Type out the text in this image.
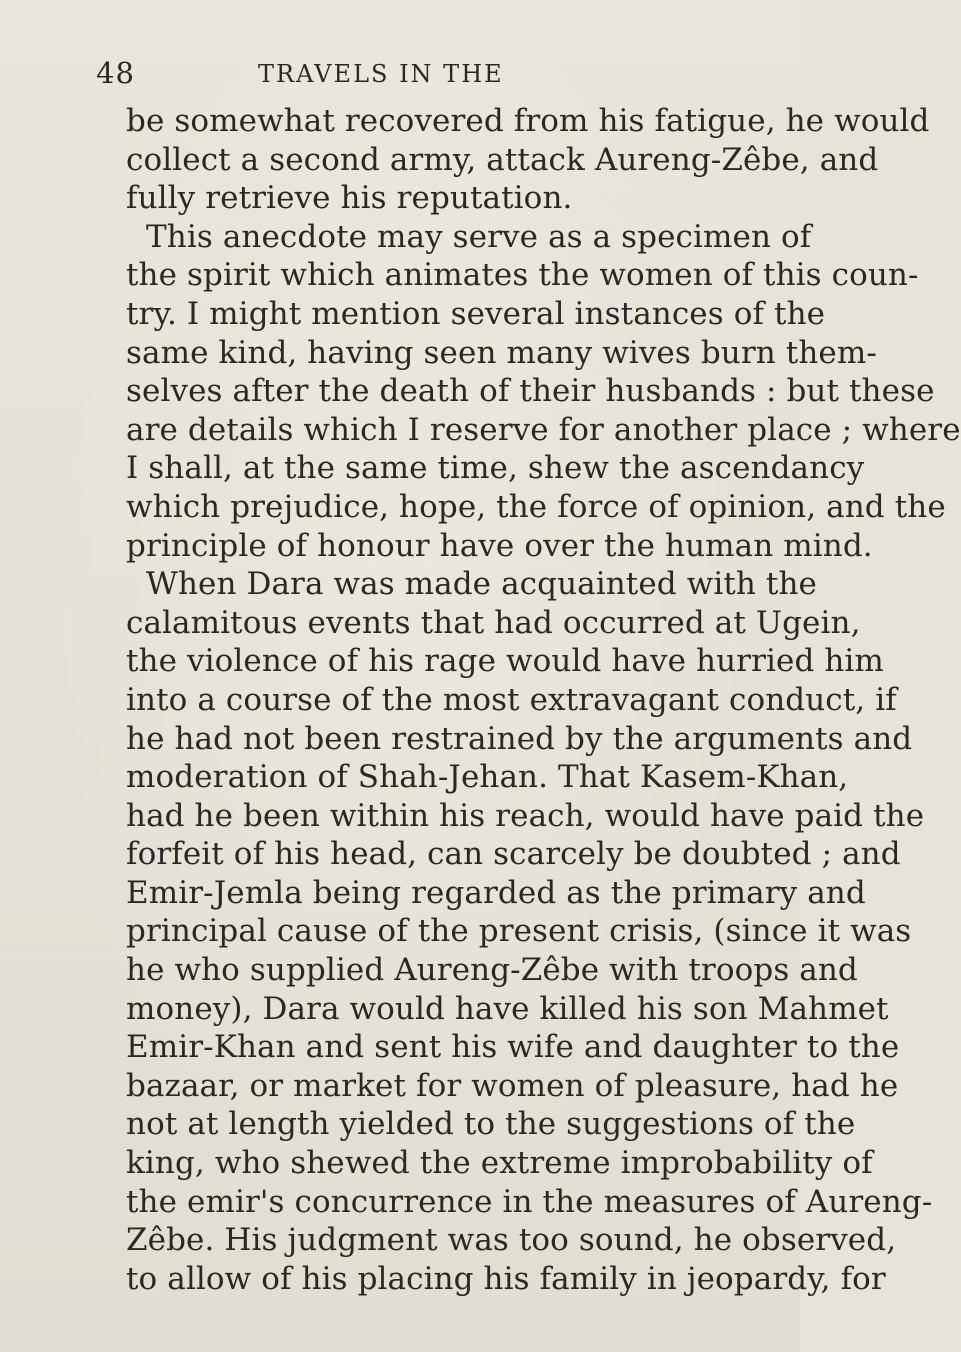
48	TRAVELS IN THE
be somewhat recovered from his fatigue, he would
collect a second army, attack Aureng-Zêbe, and
fully retrieve his reputation.
This anecdote may serve as a specimen of
the spirit which animates the women of this coun-
try. I might mention several instances of the
same kind, having seen many wives burn them-
selves after the death of their husbands : but these
are details which I reserve for another place ; where
I shall, at the same time, shew the ascendancy
which prejudice, hope, the force of opinion, and the
principle of honour have over the human mind.
When Dara was made acquainted with the
calamitous events that had occurred at Ugein,
the violence of his rage would have hurried him
into a course of the most extravagant conduct, if
he had not been restrained by the arguments and
moderation of Shah-Jehan. That Kasem-Khan,
had he been within his reach, would have paid the
forfeit of his head, can scarcely be doubted ; and
Emir-Jemla being regarded as the primary and
principal cause of the present crisis, (since it was
he who supplied Aureng-Zêbe with troops and
money), Dara would have killed his son Mahmet
Emir-Khan and sent his wife and daughter to the
bazaar, or market for women of pleasure, had he
not at length yielded to the suggestions of the
king, who shewed the extreme improbability of
the emir's concurrence in the measures of Aureng-
Zêbe. His judgment was too sound, he observed,
to allow of his placing his family in jeopardy, for
